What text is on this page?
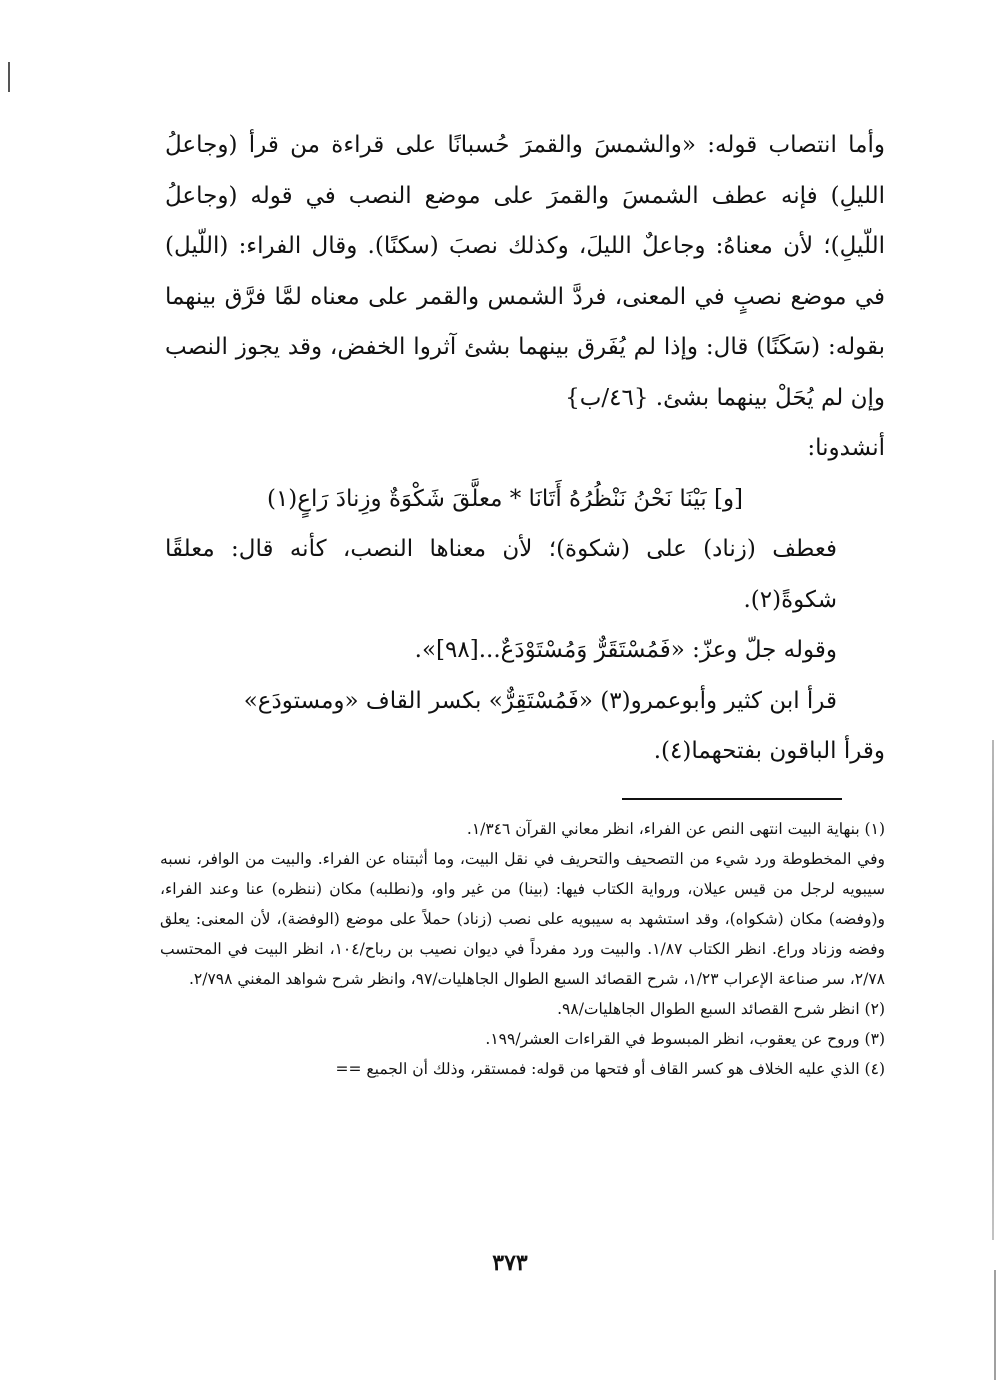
وأما انتصاب قوله: «والشمسَ والقمرَ حُسبانًا على قراءة من قرأ (وجاعلُ الليلِ) فإنه عطف الشمسَ والقمرَ على موضع النصب في قوله (وجاعلُ اللّيلِ)؛ لأن معناهُ: وجاعلٌ الليلَ، وكذلك نصبَ (سكنًا). وقال الفراء: (اللّيل) في موضع نصبٍ في المعنى، فردَّ الشمس والقمر على معناه لمَّا فرَّق بينهما بقوله: (سَكَنًا) قال: وإذا لم يُفَرق بينهما بشئ آثروا الخفض، وقد يجوز النصب وإن لم يُحَلْ بينهما بشئ. {٤٦/ب}

أنشدونا:

[و] بَيْنَا نَحْنُ نَنْظُرُهُ أَتَانَا * معلَّقَ شَكْوَةٌ وزِنادَ رَاعٍ(١)

فعطف (زناد) على (شكوة)؛ لأن معناها النصب، كأنه قال: معلقًا شكوةً(٢).

وقوله جلّ وعزّ: «فَمُسْتَقَرٌّ وَمُسْتَوْدَعٌ...[٩٨]».

قرأ ابن كثير وأبوعمرو(٣) «فَمُسْتَقِرٌّ» بكسر القاف «ومستودَع»

وقرأ الباقون بفتحهما(٤).

(١) بنهاية البيت انتهى النص عن الفراء، انظر معاني القرآن ١/٣٤٦.

وفي المخطوطة ورد شيء من التصحيف والتحريف في نقل البيت، وما أثبتناه عن الفراء. والبيت من الوافر، نسبه سيبويه لرجل من قيس عيلان، ورواية الكتاب فيها: (بينا) من غير واو، و(نطلبه) مكان (ننظره) عنا وعند الفراء، و(وفضه) مكان (شكواه)، وقد استشهد به سيبويه على نصب (زناد) حملاً على موضع (الوفضة)، لأن المعنى: يعلق وفضه وزناد وراع. انظر الكتاب ١/٨٧. والبيت ورد مفرداً في ديوان نصيب بن رباح/١٠٤، انظر البيت في المحتسب ٢/٧٨، سر صناعة الإعراب ١/٢٣، شرح القصائد السبع الطوال الجاهليات/٩٧، وانظر شرح شواهد المغني ٢/٧٩٨.

(٢) انظر شرح القصائد السبع الطوال الجاهليات/٩٨.

(٣) وروح عن يعقوب، انظر المبسوط في القراءات العشر/١٩٩.

(٤) الذي عليه الخلاف هو كسر القاف أو فتحها من قوله: فمستقر، وذلك أن الجميع ==

٣٧٣
